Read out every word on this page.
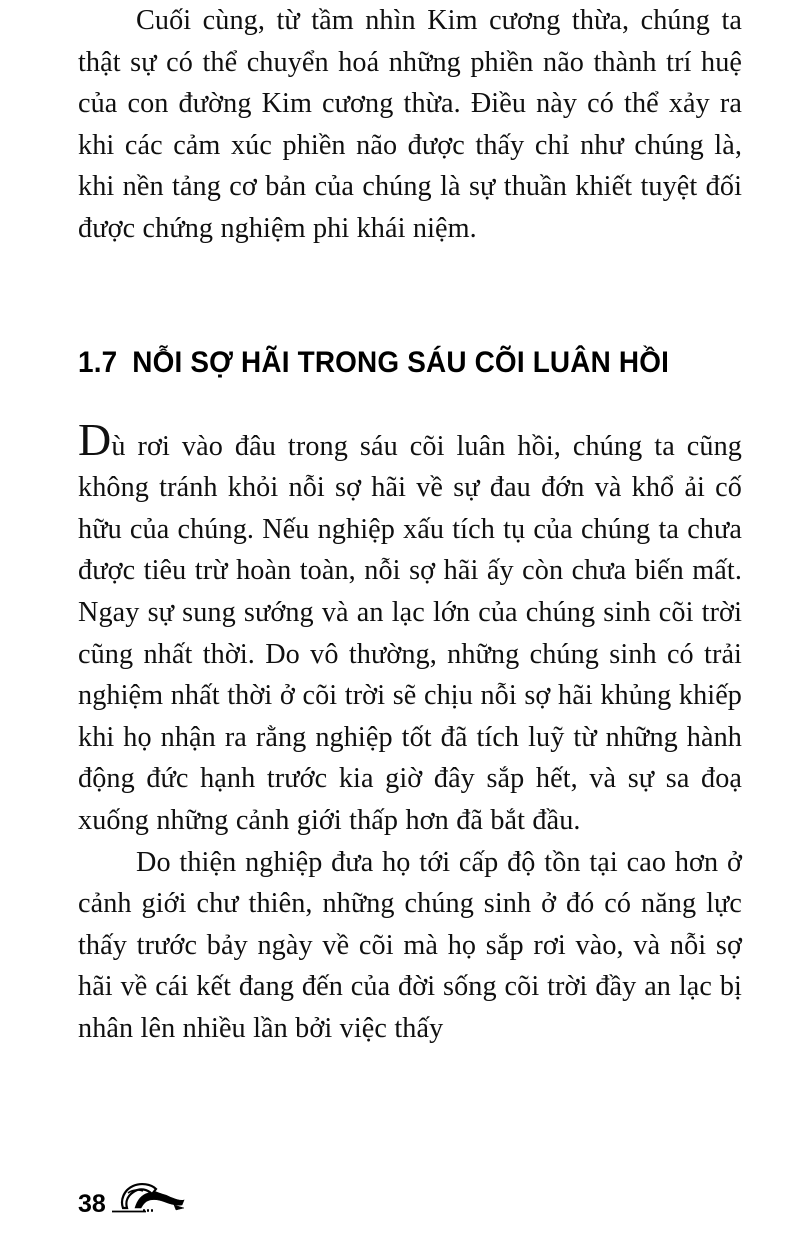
Cuối cùng, từ tầm nhìn Kim cương thừa, chúng ta thật sự có thể chuyển hoá những phiền não thành trí huệ của con đường Kim cương thừa. Điều này có thể xảy ra khi các cảm xúc phiền não được thấy chỉ như chúng là, khi nền tảng cơ bản của chúng là sự thuần khiết tuyệt đối được chứng nghiệm phi khái niệm.

1.7 NỖI SỢ HÃI TRONG SÁU CÕI LUÂN HỒI

Dù rơi vào đâu trong sáu cõi luân hồi, chúng ta cũng không tránh khỏi nỗi sợ hãi về sự đau đớn và khổ ải cố hữu của chúng. Nếu nghiệp xấu tích tụ của chúng ta chưa được tiêu trừ hoàn toàn, nỗi sợ hãi ấy còn chưa biến mất. Ngay sự sung sướng và an lạc lớn của chúng sinh cõi trời cũng nhất thời. Do vô thường, những chúng sinh có trải nghiệm nhất thời ở cõi trời sẽ chịu nỗi sợ hãi khủng khiếp khi họ nhận ra rằng nghiệp tốt đã tích luỹ từ những hành động đức hạnh trước kia giờ đây sắp hết, và sự sa đoạ xuống những cảnh giới thấp hơn đã bắt đầu.

Do thiện nghiệp đưa họ tới cấp độ tồn tại cao hơn ở cảnh giới chư thiên, những chúng sinh ở đó có năng lực thấy trước bảy ngày về cõi mà họ sắp rơi vào, và nỗi sợ hãi về cái kết đang đến của đời sống cõi trời đầy an lạc bị nhân lên nhiều lần bởi việc thấy

38
